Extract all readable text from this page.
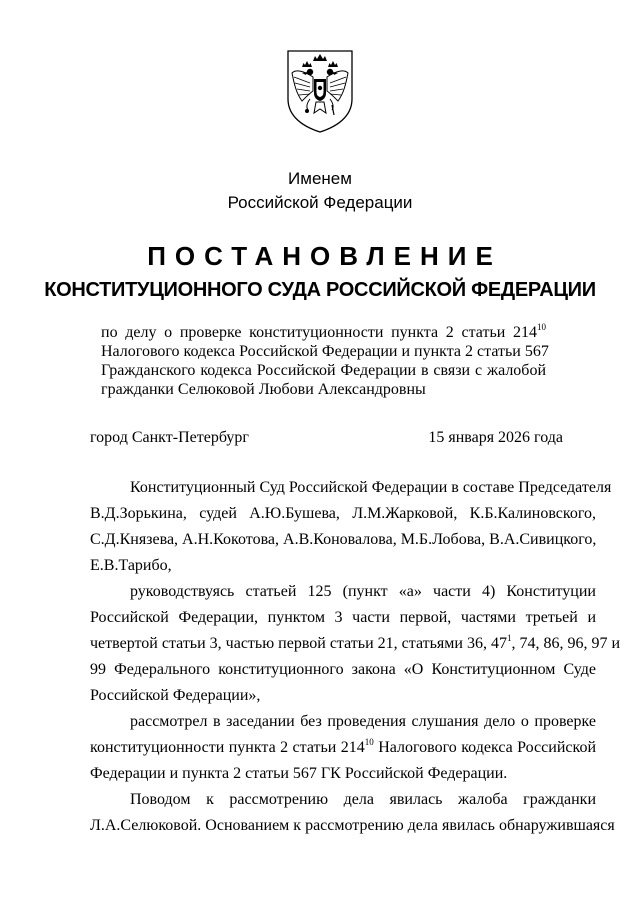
Именем
Российской Федерации
ПОСТАНОВЛЕНИЕ
КОНСТИТУЦИОННОГО СУДА РОССИЙСКОЙ ФЕДЕРАЦИИ
по делу о проверке конституционности пункта 2 статьи $214^{10}$
Налогового кодекса Российской Федерации и пункта 2 статьи 567
Гражданского кодекса Российской Федерации в связи с жалобой
гражданки Селюковой Любови Александровны
город Санкт-Петербург	15 января 2026 года
Конституционный Суд Российской Федерации в составе Председателя
В.Д.Зорькина, судей А.Ю.Бушева, Л.М.Жарковой, К.Б.Калиновского,
С.Д.Князева, А.Н.Кокотова, А.В.Коновалова, М.Б.Лобова, В.А.Сивицкого,
Е.В.Тарибо,
руководствуясь статьей 125 (пункт «а» части 4) Конституции
Российской Федерации, пунктом 3 части первой, частями третьей и
четвертой статьи 3, частью первой статьи 21, статьями 36, $47^1$, 74, 86, 96, 97 и
99 Федерального конституционного закона «О Конституционном Суде
Российской Федерации»,
рассмотрел в заседании без проведения слушания дело о проверке
конституционности пункта 2 статьи $214^{10}$ Налогового кодекса Российской
Федерации и пункта 2 статьи 567 ГК Российской Федерации.
Поводом к рассмотрению дела явилась жалоба гражданки
Л.А.Селюковой. Основанием к рассмотрению дела явилась обнаружившаяся
